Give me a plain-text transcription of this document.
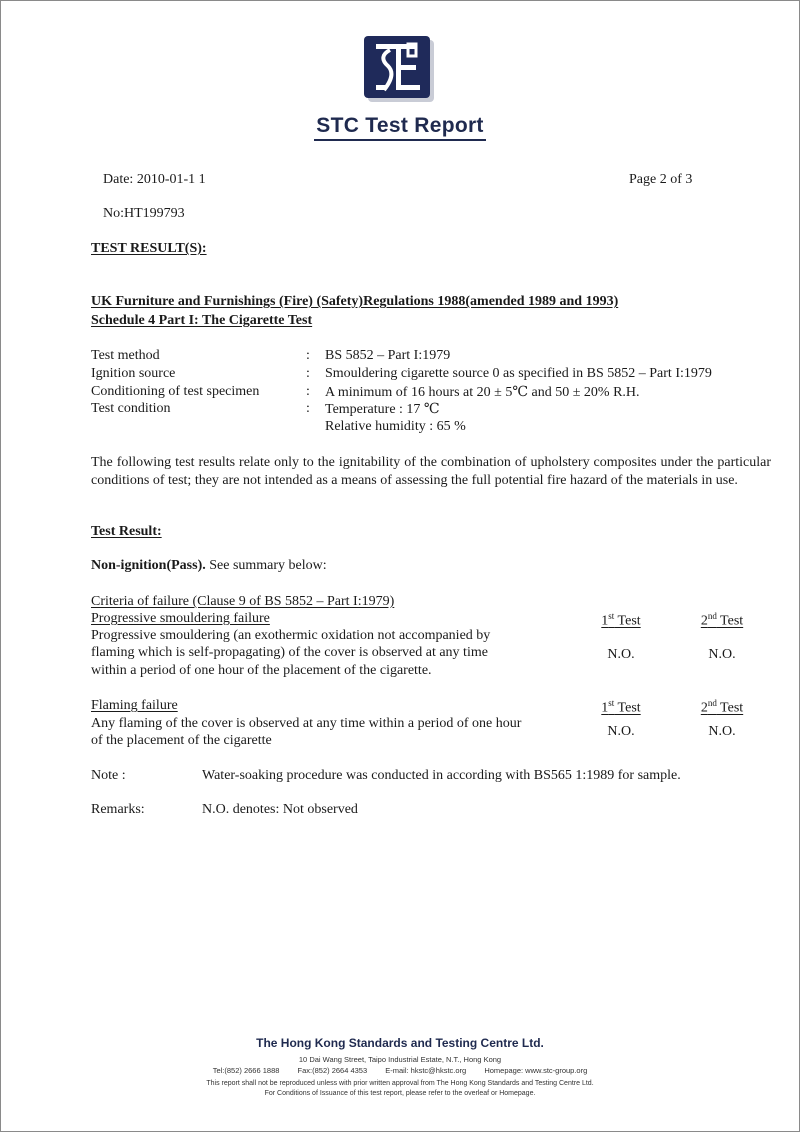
STC Test Report
Date: 2010-01-1 1	Page 2 of 3
No:HT199793
TEST RESULT(S):
UK Furniture and Furnishings (Fire) (Safety)Regulations 1988(amended 1989 and 1993)
Schedule 4 Part I: The Cigarette Test
Test method	: BS 5852 – Part I:1979
Ignition source	: Smouldering cigarette source 0 as specified in BS 5852 – Part I:1979
Conditioning of test specimen	: A minimum of 16 hours at 20 ± 5℃ and 50 ± 20% R.H.
Test condition	: Temperature : 17 ℃
Relative humidity : 65 %
The following test results relate only to the ignitability of the combination of upholstery composites under the particular conditions of test; they are not intended as a means of assessing the full potential fire hazard of the materials in use.
Test Result:
Non-ignition(Pass). See summary below:
Criteria of failure (Clause 9 of BS 5852 – Part I:1979)
Progressive smouldering failure
Progressive smouldering (an exothermic oxidation not accompanied by
flaming which is self-propagating) of the cover is observed at any time
within a period of one hour of the placement of the cigarette.
1st Test	2nd Test
N.O.	N.O.
Flaming failure
Any flaming of the cover is observed at any time within a period of one hour
of the placement of the cigarette
1st Test	2nd Test
N.O.	N.O.
Note :	Water-soaking procedure was conducted in according with BS565 1:1989 for sample.
Remarks:	N.O. denotes: Not observed
The Hong Kong Standards and Testing Centre Ltd.
10 Dai Wang Street, Taipo Industrial Estate, N.T., Hong Kong
Tel:(852) 2666 1888 Fax:(852) 2664 4353 E-mail: hkstc@hkstc.org Homepage: www.stc-group.org
This report shall not be reproduced unless with prior written approval from The Hong Kong Standards and Testing Centre Ltd.
For Conditions of Issuance of this test report, please refer to the overleaf or Homepage.
